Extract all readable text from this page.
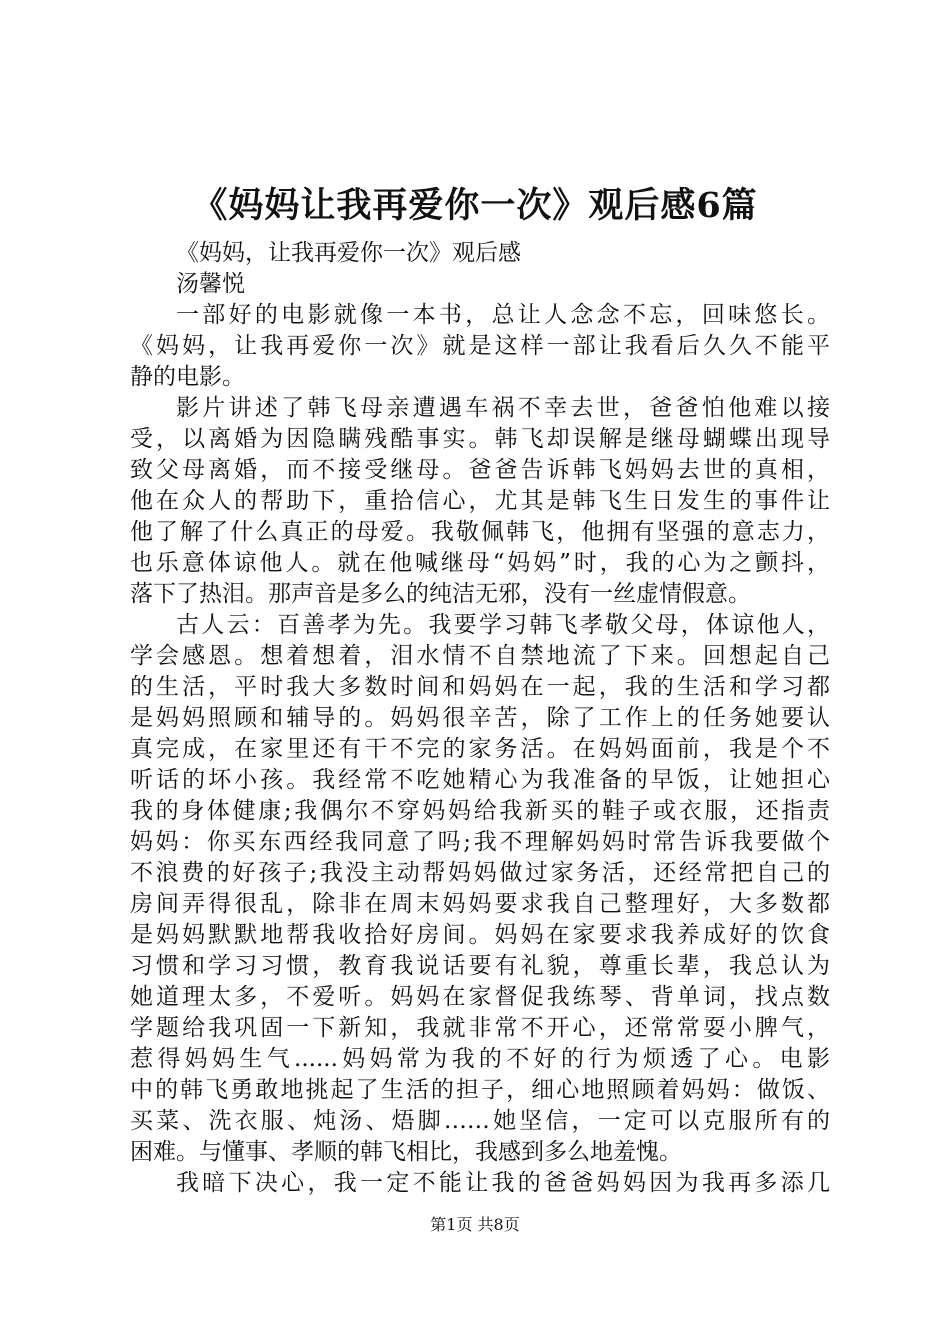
《妈妈让我再爱你一次》观后感6篇
《妈妈，让我再爱你一次》观后感
汤馨悦
一部好的电影就像一本书，总让人念念不忘，回味悠长。
《妈妈，让我再爱你一次》就是这样一部让我看后久久不能平
静的电影。
影片讲述了韩飞母亲遭遇车祸不幸去世，爸爸怕他难以接
受，以离婚为因隐瞒残酷事实。韩飞却误解是继母蝴蝶出现导
致父母离婚，而不接受继母。爸爸告诉韩飞妈妈去世的真相，
他在众人的帮助下，重拾信心，尤其是韩飞生日发生的事件让
他了解了什么真正的母爱。我敬佩韩飞，他拥有坚强的意志力，
也乐意体谅他人。就在他喊继母“妈妈”时，我的心为之颤抖，
落下了热泪。那声音是多么的纯洁无邪，没有一丝虚情假意。
古人云：百善孝为先。我要学习韩飞孝敬父母，体谅他人，
学会感恩。想着想着，泪水情不自禁地流了下来。回想起自己
的生活，平时我大多数时间和妈妈在一起，我的生活和学习都
是妈妈照顾和辅导的。妈妈很辛苦，除了工作上的任务她要认
真完成，在家里还有干不完的家务活。在妈妈面前，我是个不
听话的坏小孩。我经常不吃她精心为我准备的早饭，让她担心
我的身体健康;我偶尔不穿妈妈给我新买的鞋子或衣服，还指责
妈妈：你买东西经我同意了吗;我不理解妈妈时常告诉我要做个
不浪费的好孩子;我没主动帮妈妈做过家务活，还经常把自己的
房间弄得很乱，除非在周末妈妈要求我自己整理好，大多数都
是妈妈默默地帮我收拾好房间。妈妈在家要求我养成好的饮食
习惯和学习习惯，教育我说话要有礼貌，尊重长辈，我总认为
她道理太多，不爱听。妈妈在家督促我练琴、背单词，找点数
学题给我巩固一下新知，我就非常不开心，还常常耍小脾气，
惹得妈妈生气......妈妈常为我的不好的行为烦透了心。电影
中的韩飞勇敢地挑起了生活的担子，细心地照顾着妈妈：做饭、
买菜、洗衣服、炖汤、焐脚……她坚信，一定可以克服所有的
困难。与懂事、孝顺的韩飞相比，我感到多么地羞愧。
我暗下决心，我一定不能让我的爸爸妈妈因为我再多添几
第1页 共8页
